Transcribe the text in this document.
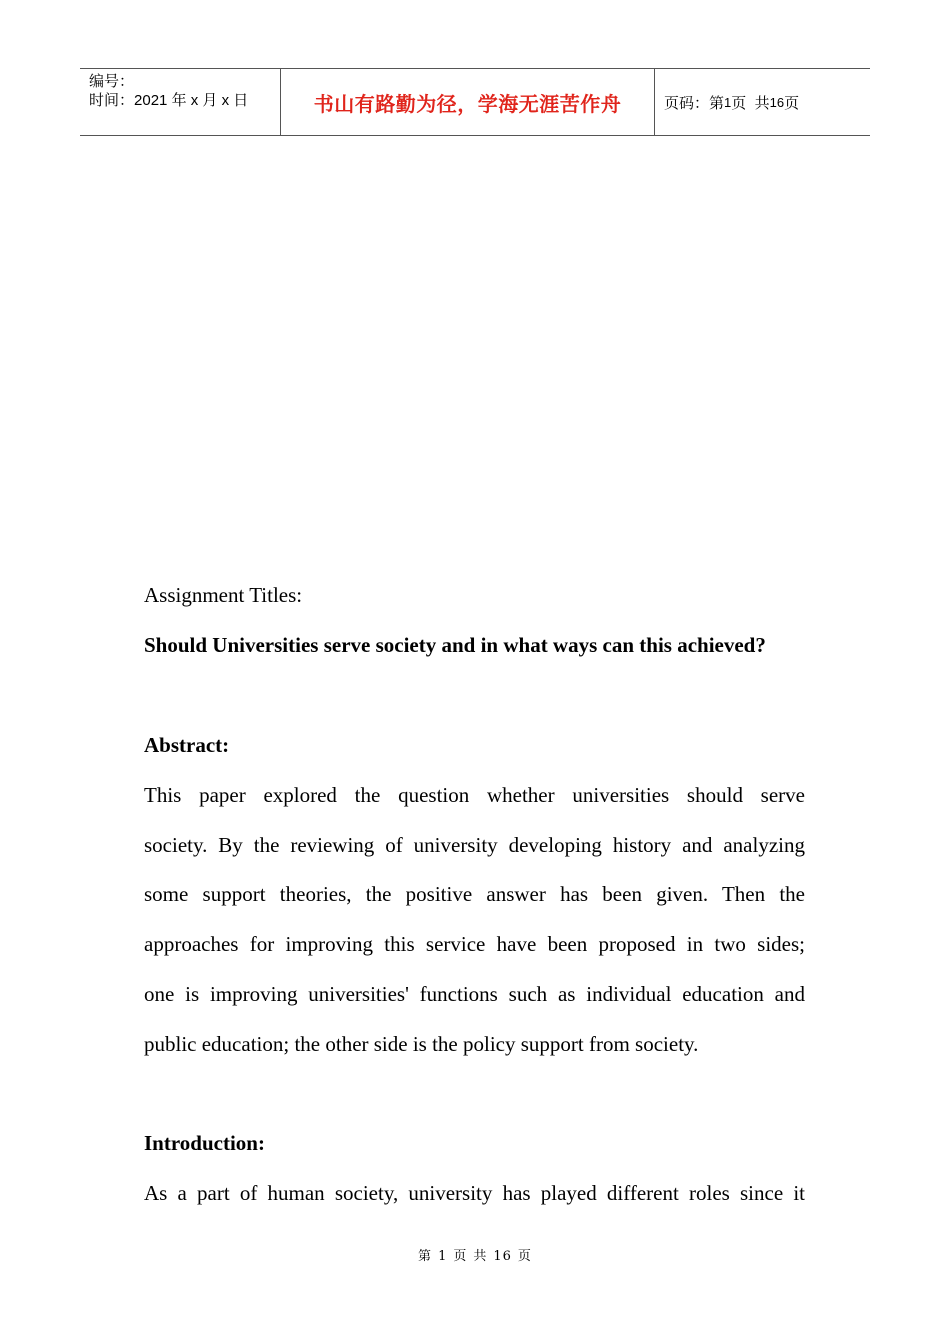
编号：
时间：2021 年 x 月 x 日	书山有路勤为径，学海无涯苦作舟	页码：第 1 页
共 16 页
Assignment Titles:
Should Universities serve society and in what ways can this achieved?
Abstract:
This paper explored the question whether universities should serve
society. By the reviewing of university developing history and analyzing
some support theories, the positive answer has been given. Then the
approaches for improving this service have been proposed in two sides;
one is improving universities' functions such as individual education and
public education; the other side is the policy support from society.
Introduction:
As a part of human society, university has played different roles since it
第 1 页 共 16 页
